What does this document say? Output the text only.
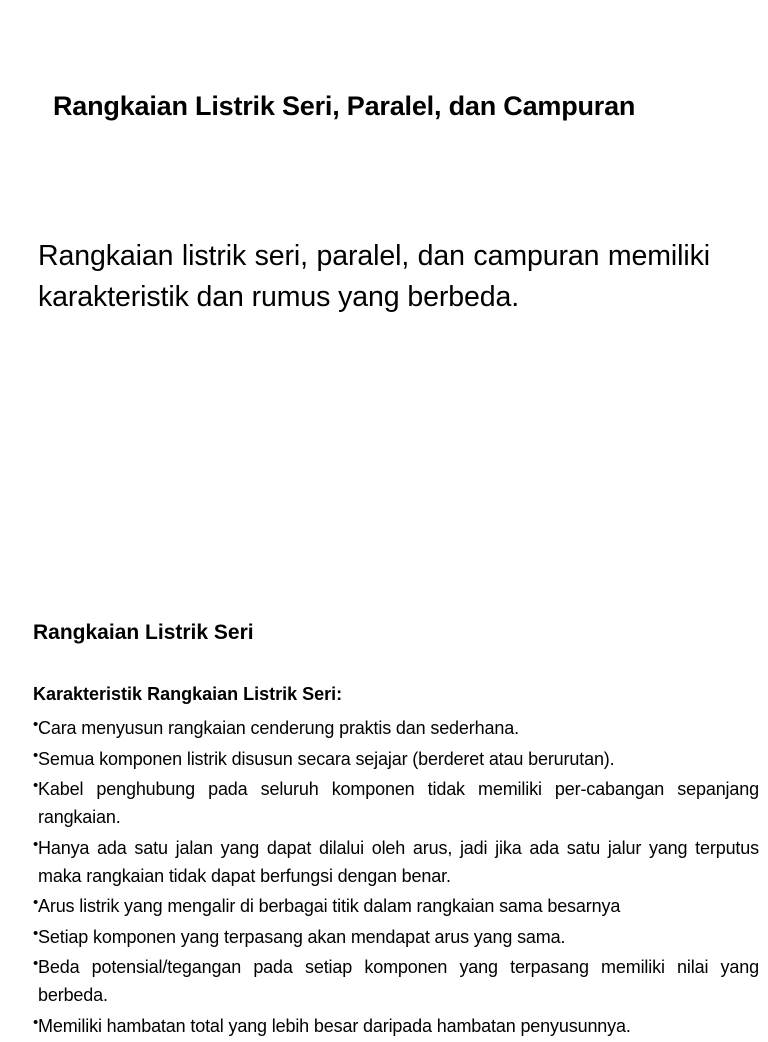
Rangkaian Listrik Seri, Paralel, dan Campuran

Rangkaian listrik seri, paralel, dan campuran memiliki karakteristik dan rumus yang berbeda.

Rangkaian Listrik Seri
Karakteristik Rangkaian Listrik Seri:
• Cara menyusun rangkaian cenderung praktis dan sederhana.
• Semua komponen listrik disusun secara sejajar (berderet atau berurutan).
• Kabel penghubung pada seluruh komponen tidak memiliki per-cabangan sepanjang rangkaian.
• Hanya ada satu jalan yang dapat dilalui oleh arus, jadi jika ada satu jalur yang terputus maka rangkaian tidak dapat berfungsi dengan benar.
• Arus listrik yang mengalir di berbagai titik dalam rangkaian sama besarnya
• Setiap komponen yang terpasang akan mendapat arus yang sama.
• Beda potensial/tegangan pada setiap komponen yang terpasang memiliki nilai yang berbeda.
• Memiliki hambatan total yang lebih besar daripada hambatan penyusunnya.
